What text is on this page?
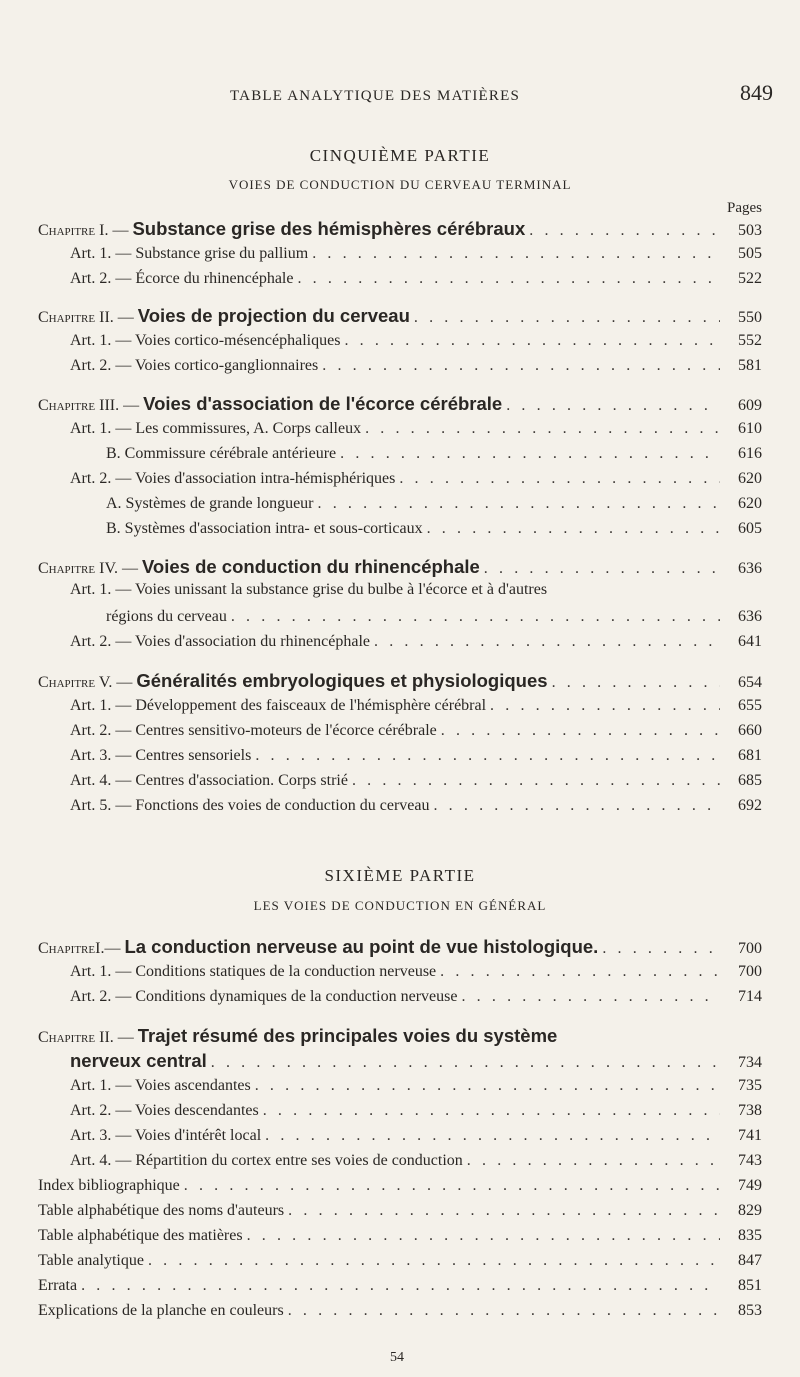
TABLE ANALYTIQUE DES MATIÈRES	849
CINQUIÈME PARTIE
VOIES DE CONDUCTION DU CERVEAU TERMINAL
Pages
Chapitre I. — Substance grise des hémisphères cérébraux . . .	503
Art. 1. — Substance grise du pallium . . .	505
Art. 2. — Écorce du rhinencéphale . . .	522
Chapitre II. — Voies de projection du cerveau . . .	550
Art. 1. — Voies cortico-mésencéphaliques . . .	552
Art. 2. — Voies cortico-ganglionnaires . . .	581
Chapitre III. — Voies d'association de l'écorce cérébrale . . .	609
Art. 1. — Les commissures, A. Corps calleux . . .	610
B. Commissure cérébrale antérieure . . .	616
Art. 2. — Voies d'association intra-hémisphériques . . .	620
A. Systèmes de grande longueur . . .	620
B. Systèmes d'association intra- et sous-corticaux . . .	605
Chapitre IV. — Voies de conduction du rhinencéphale . . .	636
Art. 1. — Voies unissant la substance grise du bulbe à l'écorce et à d'autres
régions du cerveau . . .	636
Art. 2. — Voies d'association du rhinencéphale . . .	641
Chapitre V. — Généralités embryologiques et physiologiques . . .	654
Art. 1. — Développement des faisceaux de l'hémisphère cérébral . . .	655
Art. 2. — Centres sensitivo-moteurs de l'écorce cérébrale . . .	660
Art. 3. — Centres sensoriels . . .	681
Art. 4. — Centres d'association. Corps strié . . .	685
Art. 5. — Fonctions des voies de conduction du cerveau . . .	692
SIXIÈME PARTIE
LES VOIES DE CONDUCTION EN GÉNÉRAL
ChapitreI.— La conduction nerveuse au point de vue histologique. . . .	700
Art. 1. — Conditions statiques de la conduction nerveuse . . .	700
Art. 2. — Conditions dynamiques de la conduction nerveuse . . .	714
Chapitre II. — Trajet résumé des principales voies du système
nerveux central . . .	734
Art. 1. — Voies ascendantes . . .	735
Art. 2. — Voies descendantes . . .	738
Art. 3. — Voies d'intérêt local . . .	741
Art. 4. — Répartition du cortex entre ses voies de conduction . . .	743
Index bibliographique . . .	749
Table alphabétique des noms d'auteurs . . .	829
Table alphabétique des matières . . .	835
Table analytique . . .	847
Errata . . .	851
Explications de la planche en couleurs . . .	853
54
